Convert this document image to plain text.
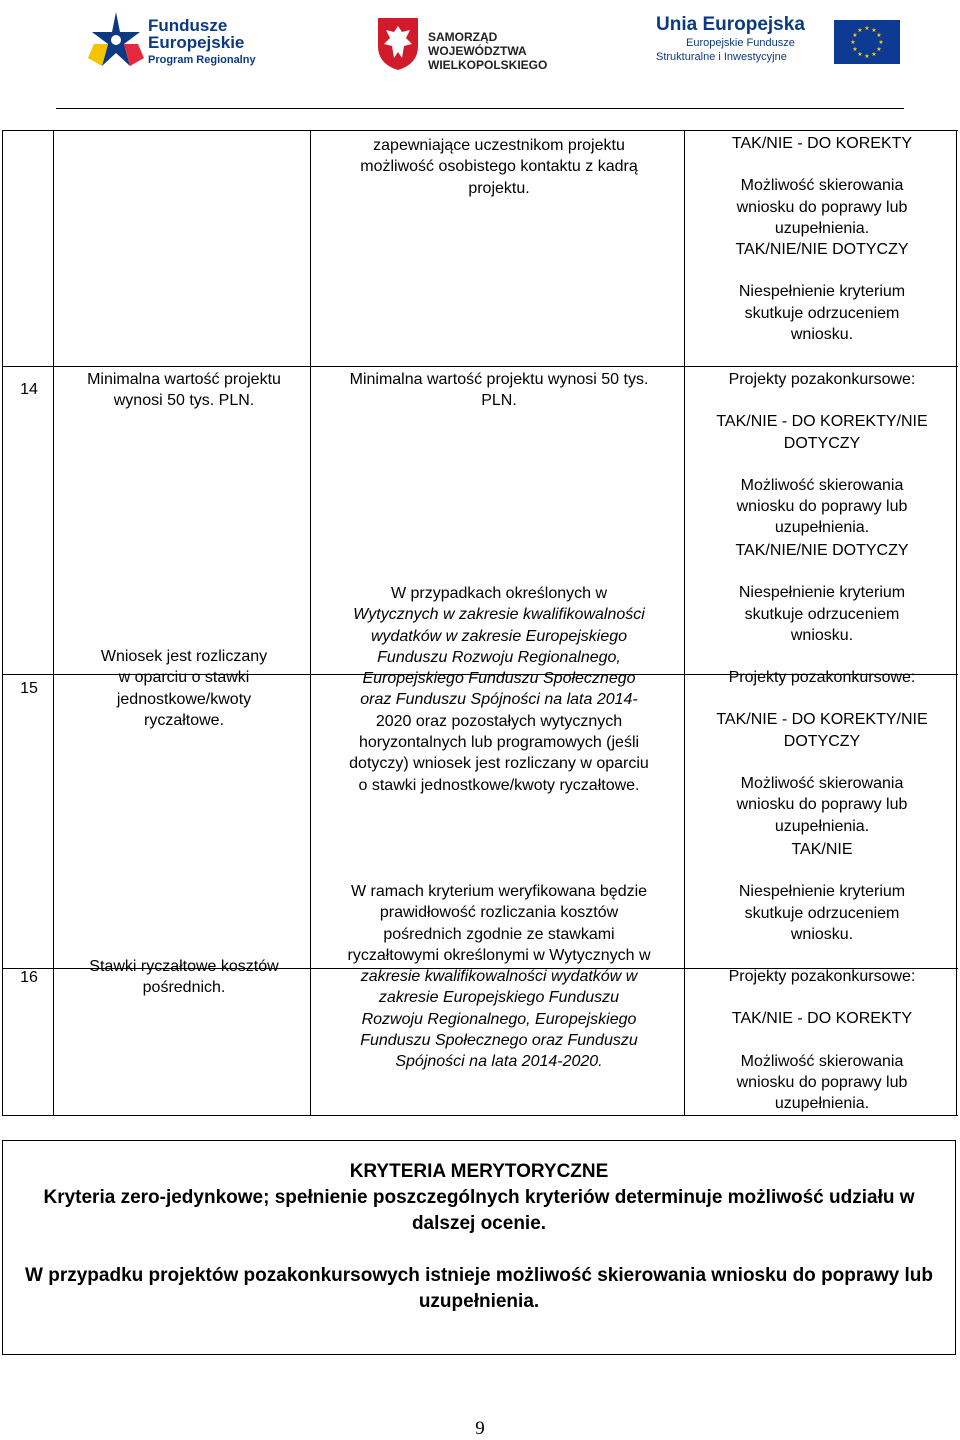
Fundusze
Europejskie
Program Regionalny
SAMORZĄD WOJEWÓDZTWA
WIELKOPOLSKIEGO
Unia Europejska
Europejskie Fundusze
Strukturalne i Inwestycyjne
★ ★
★
★
★
★
★
★
★
★
★
★
zapewniające uczestnikom projektu
możliwość osobistego kontaktu z kadrą
projektu.
TAK/NIE - DO KOREKTY
Możliwość skierowania
wniosku do poprawy lub
uzupełnienia.
TAK/NIE/NIE DOTYCZY
Niespełnienie kryterium
skutkuje odrzuceniem
wniosku.
14
Minimalna wartość projektu
wynosi 50 tys. PLN.
Minimalna wartość projektu wynosi 50 tys.
PLN.
Projekty pozakonkursowe:
TAK/NIE - DO KOREKTY/NIE
DOTYCZY
Możliwość skierowania
wniosku do poprawy lub
uzupełnienia.
15
Wniosek jest rozliczany
w oparciu o stawki
jednostkowe/kwoty
ryczałtowe.
W przypadkach określonych w
Wytycznych w zakresie kwalifikowalności
wydatków w zakresie Europejskiego
Funduszu Rozwoju Regionalnego,
Europejskiego Funduszu Społecznego
oraz Funduszu Spójności na lata 2014-
2020 oraz pozostałych wytycznych
horyzontalnych lub programowych (jeśli
dotyczy) wniosek jest rozliczany w oparciu
o stawki jednostkowe/kwoty ryczałtowe.
TAK/NIE/NIE DOTYCZY
Niespełnienie kryterium
skutkuje odrzuceniem
wniosku.
Projekty pozakonkursowe:
TAK/NIE - DO KOREKTY/NIE
DOTYCZY
Możliwość skierowania
wniosku do poprawy lub
uzupełnienia.
16
Stawki ryczałtowe kosztów
pośrednich.
W ramach kryterium weryfikowana będzie
prawidłowość rozliczania kosztów
pośrednich zgodnie ze stawkami
ryczałtowymi określonymi w Wytycznych w
zakresie kwalifikowalności wydatków w
zakresie Europejskiego Funduszu
Rozwoju Regionalnego, Europejskiego
Funduszu Społecznego oraz Funduszu
Spójności na lata 2014-2020.
TAK/NIE
Niespełnienie kryterium
skutkuje odrzuceniem
wniosku.
Projekty pozakonkursowe:
TAK/NIE - DO KOREKTY
Możliwość skierowania
wniosku do poprawy lub
uzupełnienia.
KRYTERIA MERYTORYCZNE
Kryteria zero-jedynkowe; spełnienie poszczególnych kryteriów determinuje możliwość udziału w dalszej ocenie.
W przypadku projektów pozakonkursowych istnieje możliwość skierowania wniosku do poprawy lub uzupełnienia.
9
